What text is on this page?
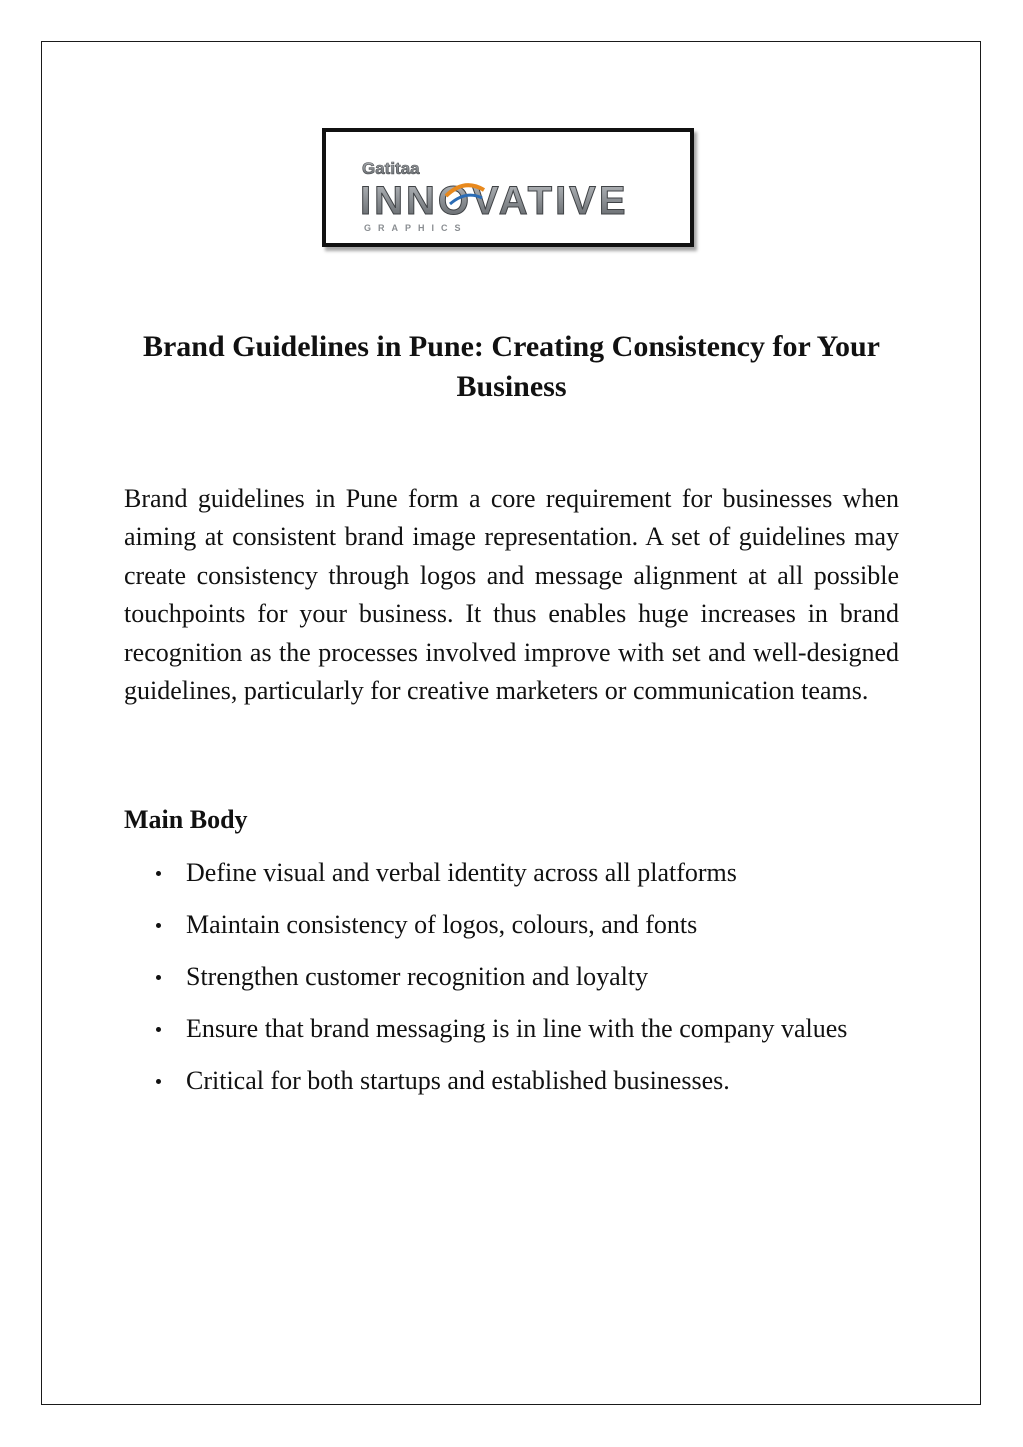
Gatitaa
INNOVATIVE
GRAPHICS
Brand Guidelines in Pune: Creating Consistency for Your Business

Brand guidelines in Pune form a core requirement for businesses when aiming at consistent brand image representation. A set of guidelines may create consistency through logos and message alignment at all possible touchpoints for your business. It thus enables huge increases in brand recognition as the processes involved improve with set and well-designed guidelines, particularly for creative marketers or communication teams.

Main Body
Define visual and verbal identity across all platforms
Maintain consistency of logos, colours, and fonts
Strengthen customer recognition and loyalty
Ensure that brand messaging is in line with the company values
Critical for both startups and established businesses.
